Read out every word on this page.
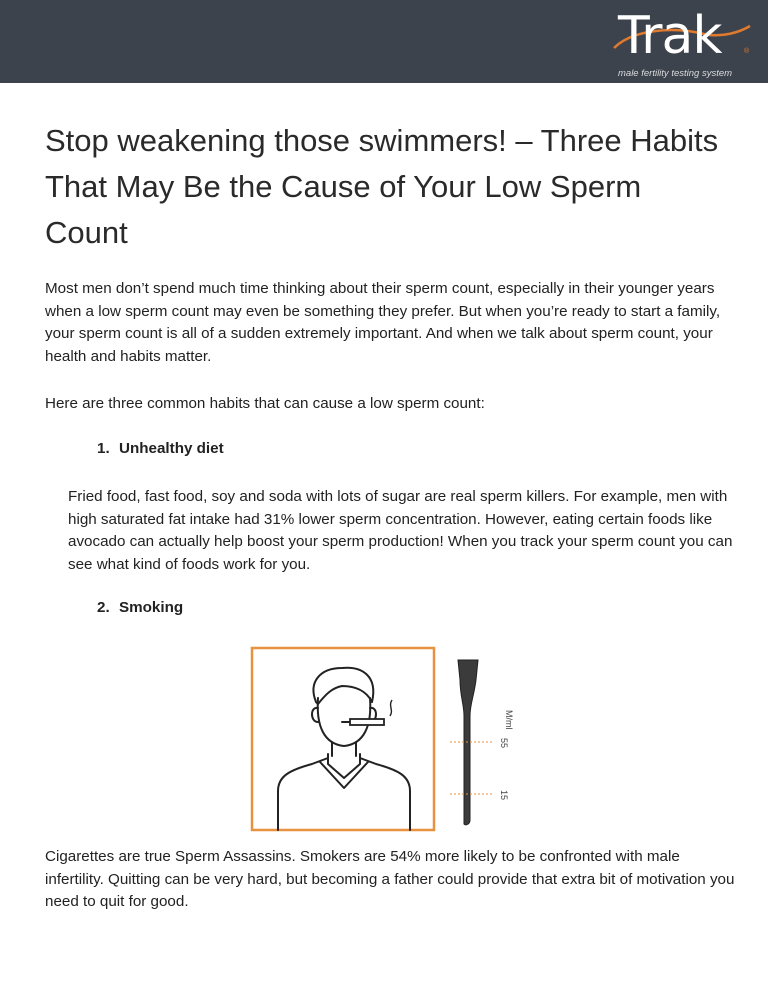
Trak	®
male fertility testing system
Stop weakening those swimmers! – Three Habits That May Be the Cause of Your Low Sperm Count

Most men don’t spend much time thinking about their sperm count, especially in their younger years when a low sperm count may even be something they prefer. But when you’re ready to start a family, your sperm count is all of a sudden extremely important. And when we talk about sperm count, your health and habits matter.

Here are three common habits that can cause a low sperm count:

1. Unhealthy diet

Fried food, fast food, soy and soda with lots of sugar are real sperm killers. For example, men with high saturated fat intake had 31% lower sperm concentration. However, eating certain foods like avocado can actually help boost your sperm production! When you track your sperm count you can see what kind of foods work for you.

2. Smoking
M/ml
55
15

Cigarettes are true Sperm Assassins. Smokers are 54% more likely to be confronted with male infertility. Quitting can be very hard, but becoming a father could provide that extra bit of motivation you need to quit for good.
